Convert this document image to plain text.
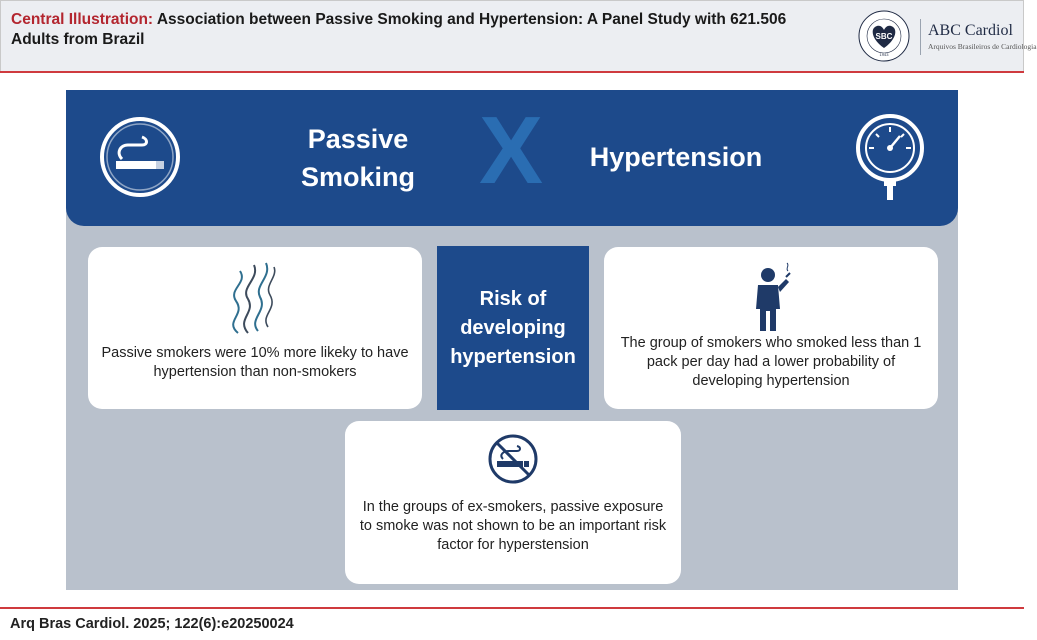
Central Illustration: Association between Passive Smoking and Hypertension: A Panel Study with 621.506 Adults from Brazil	SBC
1943
ABC Cardiol
Arquivos Brasileiros de Cardiologia
Passive
Smoking X Hypertension
Passive smokers were 10% more likeky to have hypertension than non-smokers
Risk of
developing
hypertension
The group of smokers who smoked less than 1 pack per day had a lower probability of developing hypertension
In the groups of ex-smokers, passive exposure to smoke was not shown to be an important risk factor for hyperstension
Arq Bras Cardiol. 2025; 122(6):e20250024
